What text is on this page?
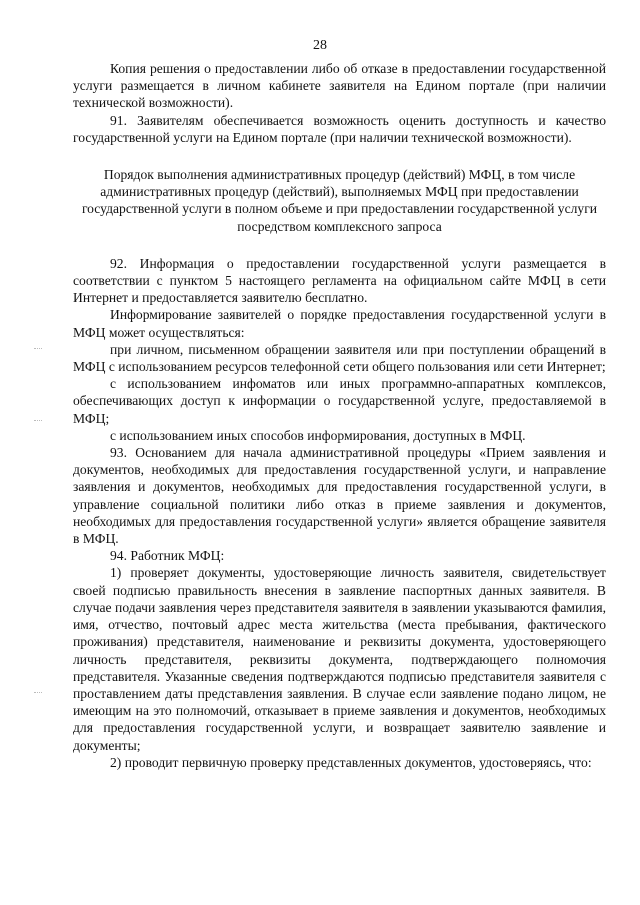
28

Копия решения о предоставлении либо об отказе в предоставлении государственной услуги размещается в личном кабинете заявителя на Едином портале (при наличии технической возможности).

91. Заявителям обеспечивается возможность оценить доступность и качество государственной услуги на Едином портале (при наличии технической возможности).

Порядок выполнения административных процедур (действий) МФЦ, в том числе административных процедур (действий), выполняемых МФЦ при предоставлении государственной услуги в полном объеме и при предоставлении государственной услуги посредством комплексного запроса

92. Информация о предоставлении государственной услуги размещается в соответствии с пунктом 5 настоящего регламента на официальном сайте МФЦ в сети Интернет и предоставляется заявителю бесплатно.

Информирование заявителей о порядке предоставления государственной услуги в МФЦ может осуществляться:

при личном, письменном обращении заявителя или при поступлении обращений в МФЦ с использованием ресурсов телефонной сети общего пользования или сети Интернет;

с использованием инфоматов или иных программно-аппаратных комплексов, обеспечивающих доступ к информации о государственной услуге, предоставляемой в МФЦ;

с использованием иных способов информирования, доступных в МФЦ.

93. Основанием для начала административной процедуры «Прием заявления и документов, необходимых для предоставления государственной услуги, и направление заявления и документов, необходимых для предоставления государственной услуги, в управление социальной политики либо отказ в приеме заявления и документов, необходимых для предоставления государственной услуги» является обращение заявителя в МФЦ.

94. Работник МФЦ:

1) проверяет документы, удостоверяющие личность заявителя, свидетельствует своей подписью правильность внесения в заявление паспортных данных заявителя. В случае подачи заявления через представителя заявителя в заявлении указываются фамилия, имя, отчество, почтовый адрес места жительства (места пребывания, фактического проживания) представителя, наименование и реквизиты документа, удостоверяющего личность представителя, реквизиты документа, подтверждающего полномочия представителя. Указанные сведения подтверждаются подписью представителя заявителя с проставлением даты представления заявления. В случае если заявление подано лицом, не имеющим на это полномочий, отказывает в приеме заявления и документов, необходимых для предоставления государственной услуги, и возвращает заявителю заявление и документы;

2) проводит первичную проверку представленных документов, удостоверяясь, что:
